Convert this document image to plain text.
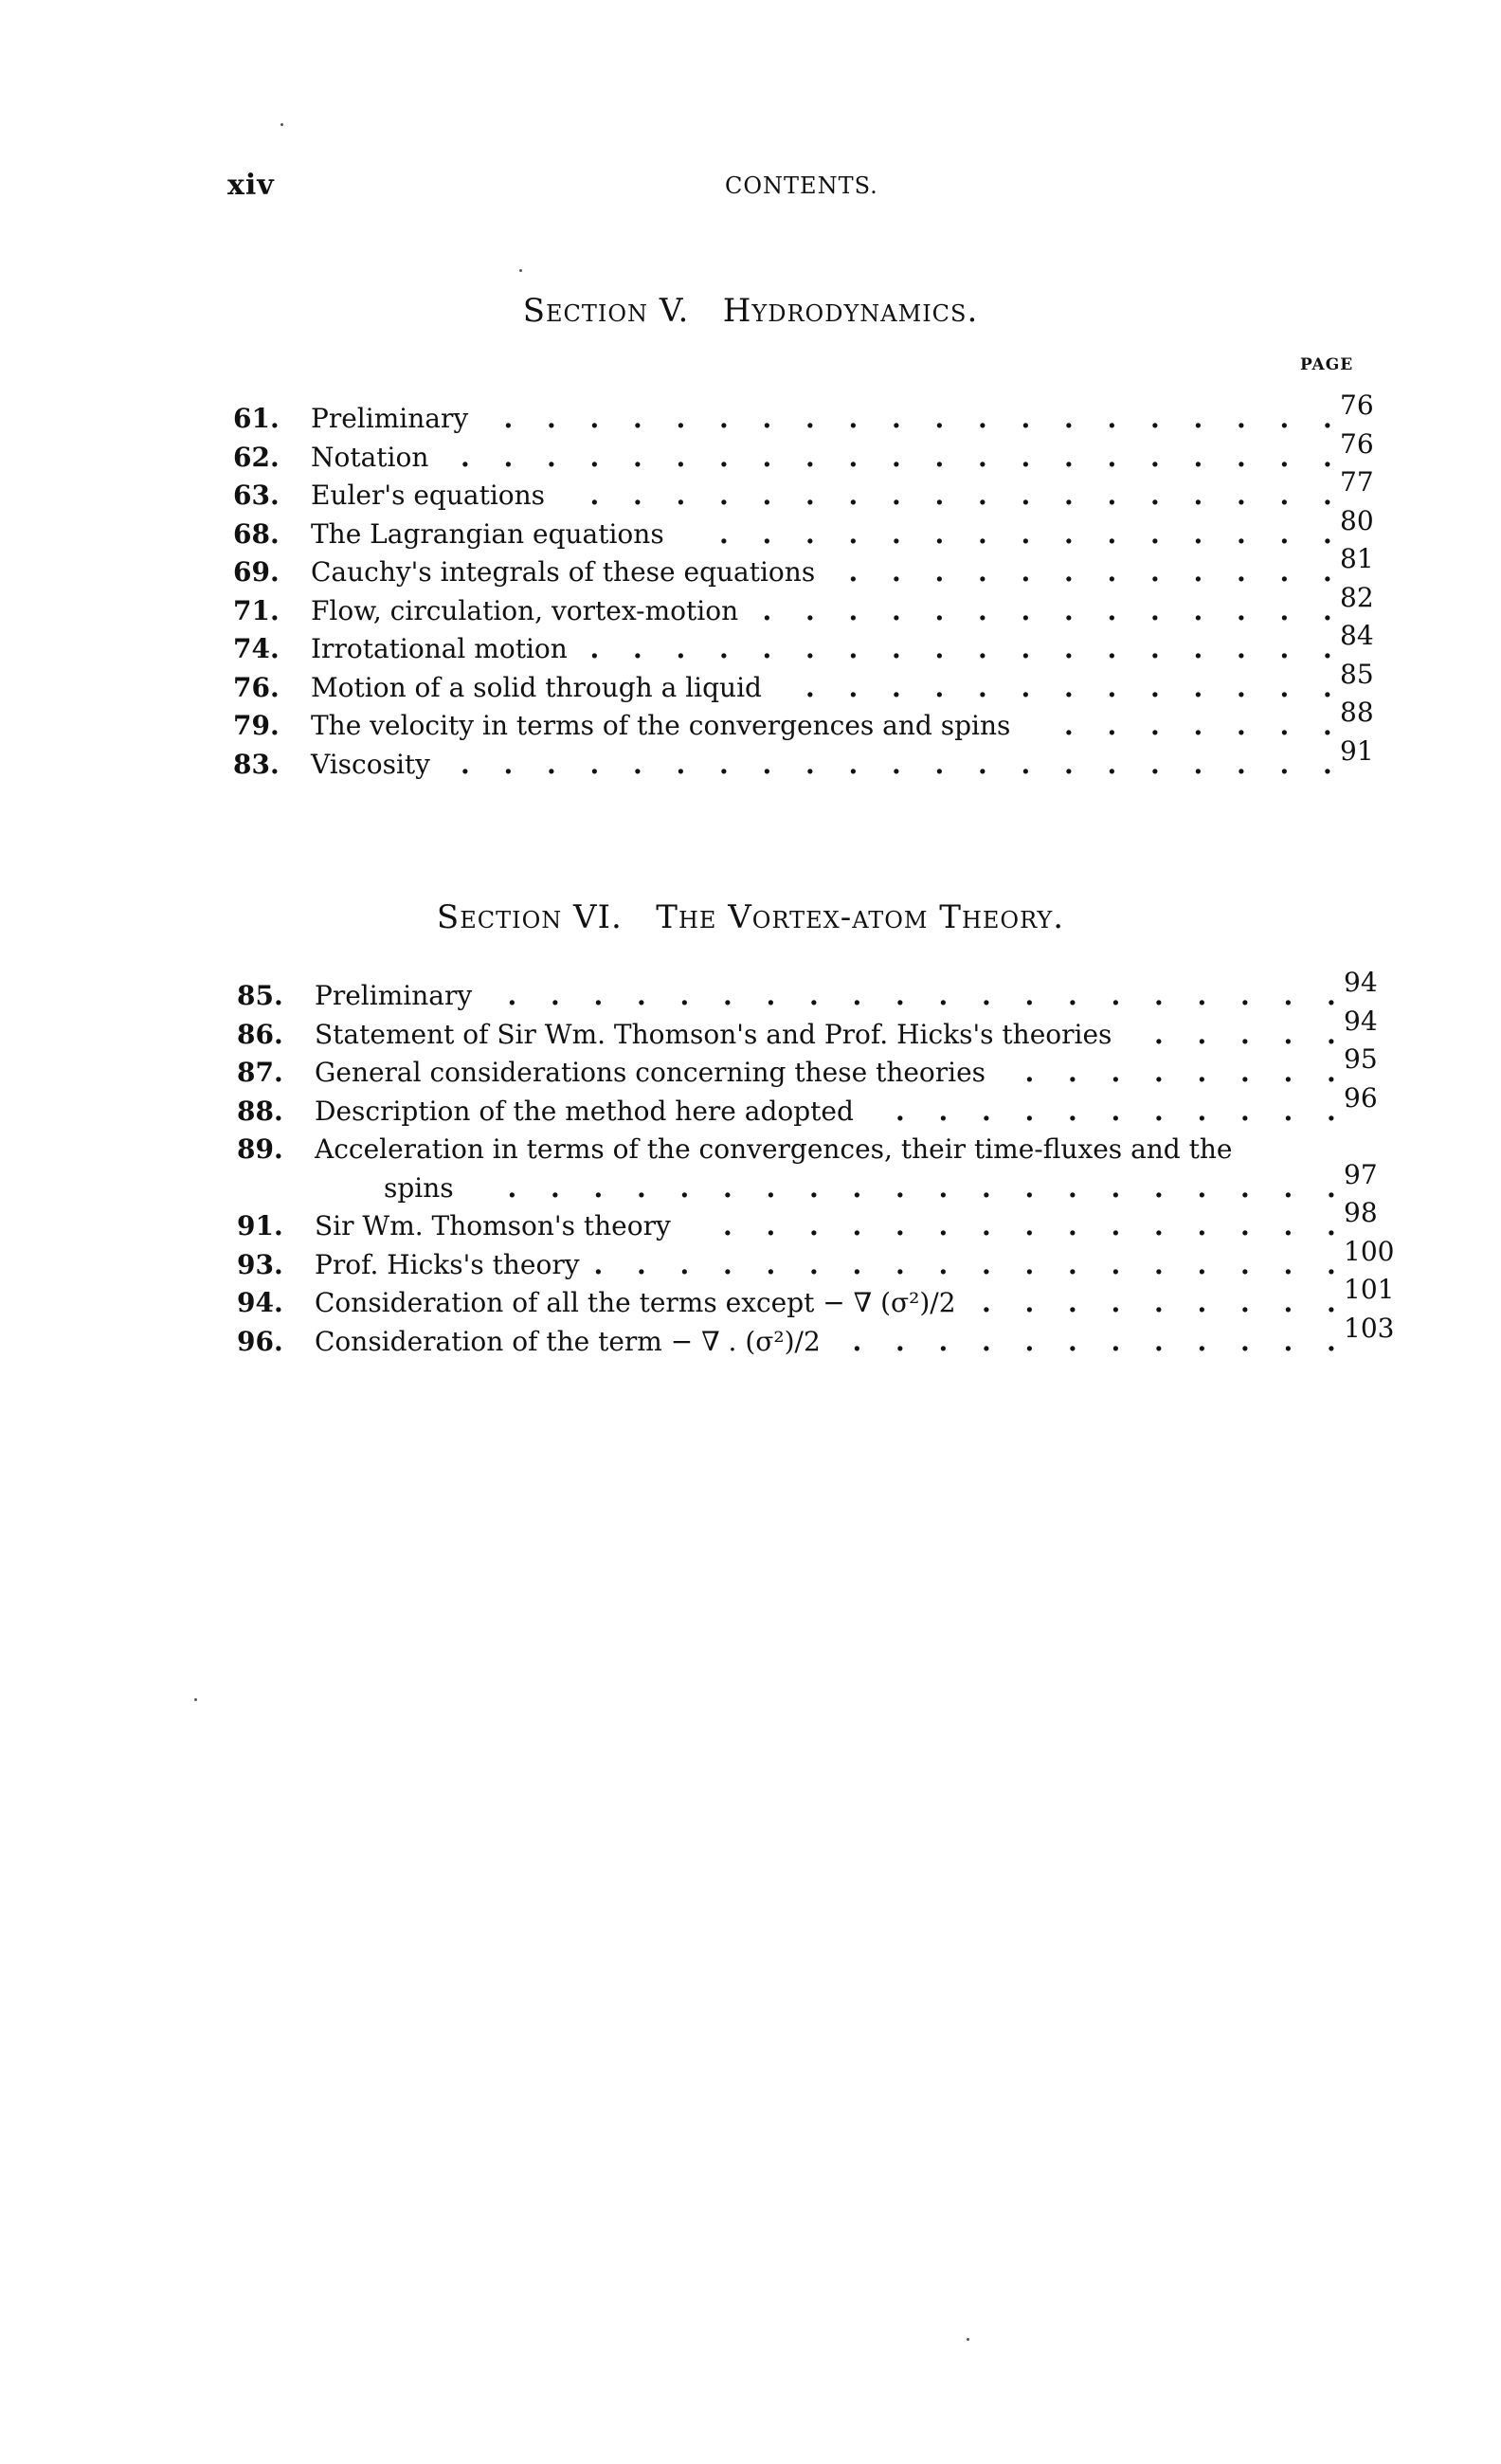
xiv	CONTENTS.
Section V. Hydrodynamics.
PAGE
61.	Preliminary	76
.
.
.
.
.
.
.
.
.
.
.
.
.
.
.
.
.
.
.
.
62.	Notation	76
.
.
.
.
.
.
.
.
.
.
.
.
.
.
.
.
.
.
.
.
.
63.	Euler's equations	77
.
.
.
.
.
.
.
.
.
.
.
.
.
.
.
.
.
.
68.	The Lagrangian equations	80
.
.
.
.
.
.
.
.
.
.
.
.
.
.
.
69.	Cauchy's integrals of these equations	81
.
.
.
.
.
.
.
.
.
.
.
.
71.	Flow, circulation, vortex-motion	82
.
.
.
.
.
.
.
.
.
.
.
.
.
.
74.	Irrotational motion	84
.
.
.
.
.
.
.
.
.
.
.
.
.
.
.
.
.
.
76.	Motion of a solid through a liquid	85
.
.
.
.
.
.
.
.
.
.
.
.
.
79.	The velocity in terms of the convergences and spins	88
.
.
.
.
.
.
.
83.	Viscosity	91
.
.
.
.
.
.
.
.
.
.
.
.
.
.
.
.
.
.
.
.
.
Section VI. The Vortex-atom Theory.
85.	Preliminary	94
.
.
.
.
.
.
.
.
.
.
.
.
.
.
.
.
.
.
.
.
86.	Statement of Sir Wm. Thomson's and Prof. Hicks's theories	94
.
.
.
.
.
87.	General considerations concerning these theories	95
.
.
.
.
.
.
.
.
88.	Description of the method here adopted	96
.
.
.
.
.
.
.
.
.
.
.
89.	Acceleration in terms of the convergences, their time-fluxes and the
spins	97
.
.
.
.
.
.
.
.
.
.
.
.
.
.
.
.
.
.
.
.
91.	Sir Wm. Thomson's theory	98
.
.
.
.
.
.
.
.
.
.
.
.
.
.
.
93.	Prof. Hicks's theory	100
.
.
.
.
.
.
.
.
.
.
.
.
.
.
.
.
.
.
94.	Consideration of all the terms except − ∇ (σ²)/2	101
.
.
.
.
.
.
.
.
.
96.	Consideration of the term − ∇ . (σ²)/2	103
.
.
.
.
.
.
.
.
.
.
.
.
